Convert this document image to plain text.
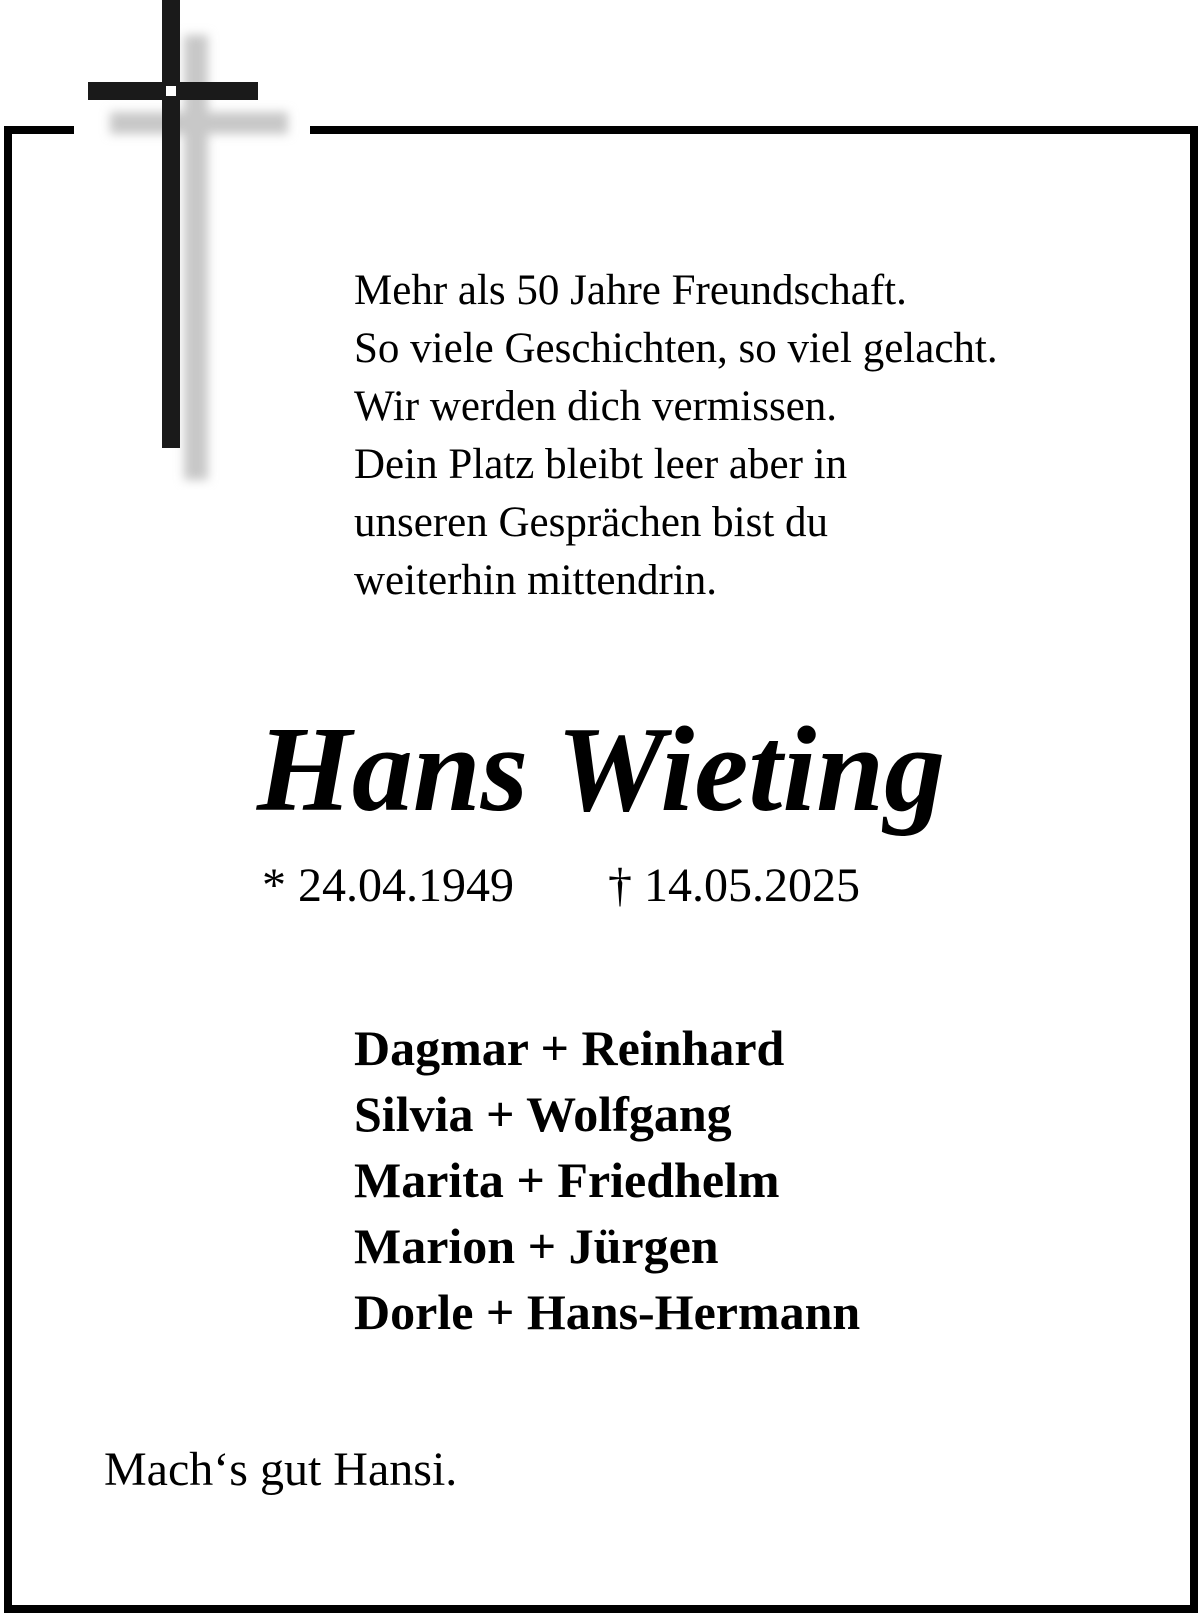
Mehr als 50 Jahre Freundschaft.
So viele Geschichten, so viel gelacht.
Wir werden dich vermissen.
Dein Platz bleibt leer aber in
unseren Gesprächen bist du
weiterhin mittendrin.
Hans Wieting
* 24.04.1949 † 14.05.2025
Dagmar + Reinhard
Silvia + Wolfgang
Marita + Friedhelm
Marion + Jürgen
Dorle + Hans-Hermann
Mach‘s gut Hansi.
